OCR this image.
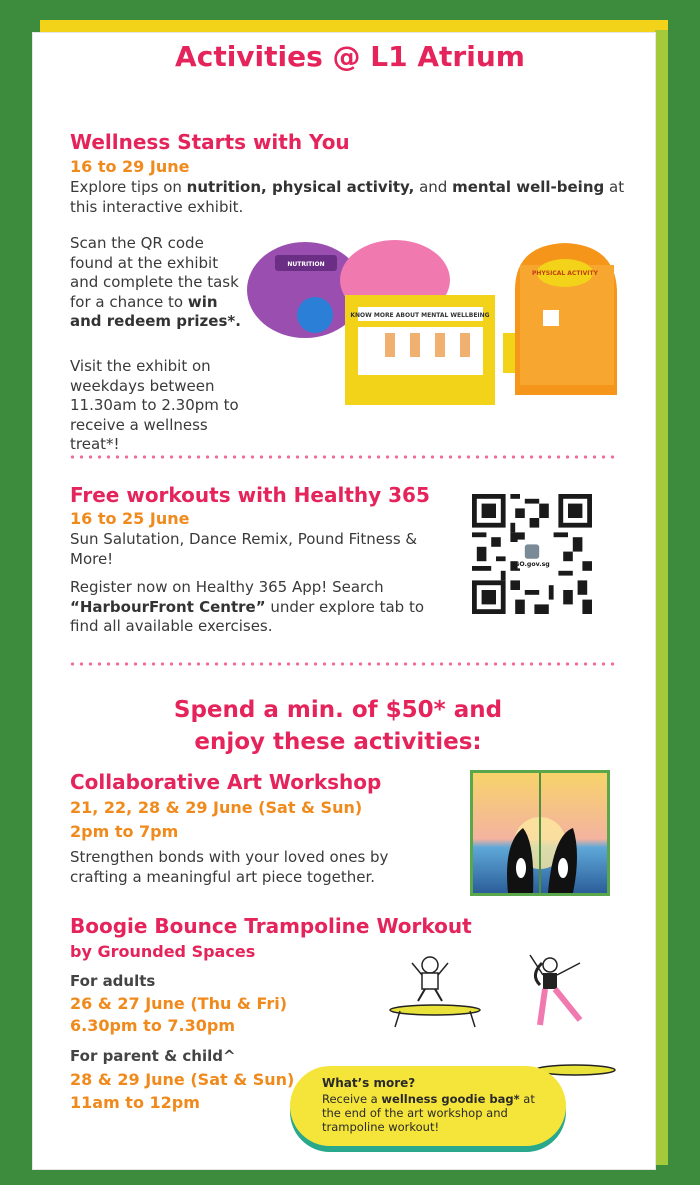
Activities @ L1 Atrium
Wellness Starts with You
16 to 29 June
Explore tips on nutrition, physical activity, and mental well-being at this interactive exhibit.
Scan the QR code found at the exhibit and complete the task for a chance to win and redeem prizes*.
Visit the exhibit on weekdays between 11.30am to 2.30pm to receive a wellness treat*!
NUTRITION
KNOW MORE ABOUT MENTAL WELLBEING
PHYSICAL ACTIVITY
Free workouts with Healthy 365
16 to 25 June
Sun Salutation, Dance Remix, Pound Fitness & More!
Register now on Healthy 365 App! Search “HarbourFront Centre” under explore tab to find all available exercises.
GO.gov.sg
Spend a min. of $50* and
enjoy these activities:
Collaborative Art Workshop
21, 22, 28 & 29 June (Sat & Sun)
2pm to 7pm
Strengthen bonds with your loved ones by crafting a meaningful art piece together.
Boogie Bounce Trampoline Workout
by Grounded Spaces
For adults
26 & 27 June (Thu & Fri)
6.30pm to 7.30pm
For parent & child^
28 & 29 June (Sat & Sun)
11am to 12pm
What’s more?
Receive a wellness goodie bag* at the end of the art workshop and trampoline workout!
